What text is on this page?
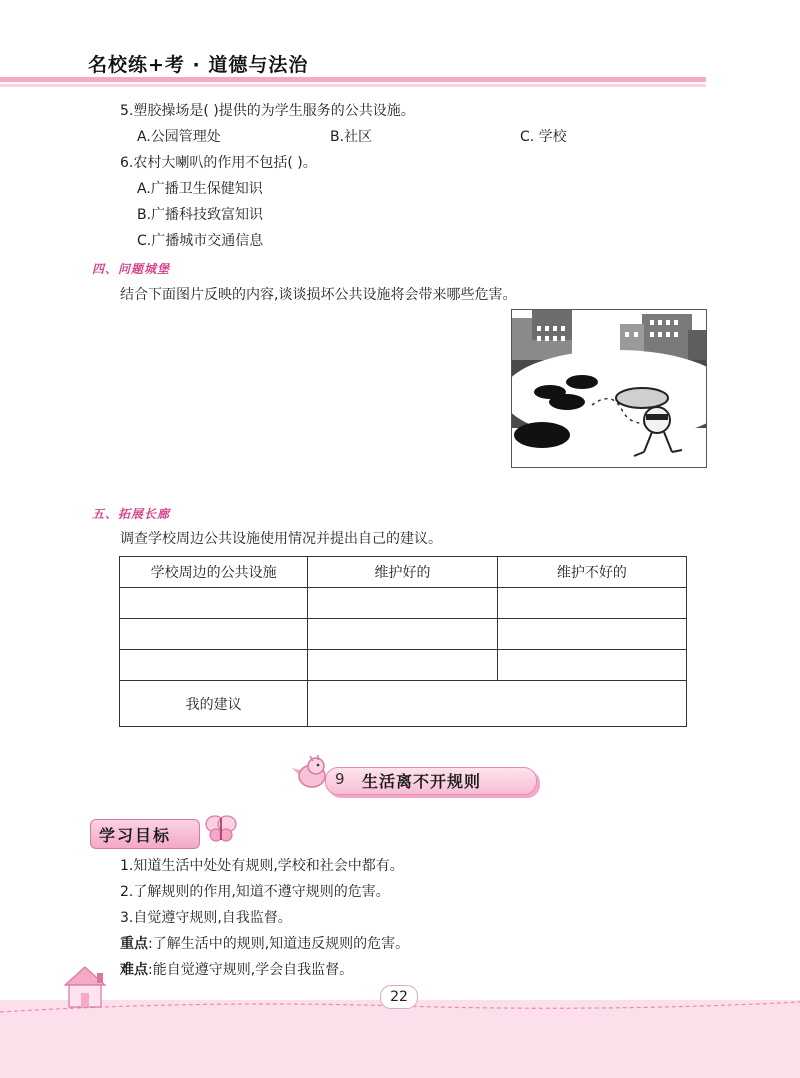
名校练+考 · 道德与法治
5.塑胶操场是( )提供的为学生服务的公共设施。
A.公园管理处	B.社区	C. 学校
6.农村大喇叭的作用不包括( )。
A.广播卫生保健知识
B.广播科技致富知识
C.广播城市交通信息
四、问题城堡
结合下面图片反映的内容,谈谈损坏公共设施将会带来哪些危害。
五、拓展长廊
调查学校周边公共设施使用情况并提出自己的建议。
学校周边的公共设施	维护好的	维护不好的

我的建议		
9 生活离不开规则
学习目标
1.知道生活中处处有规则,学校和社会中都有。
2.了解规则的作用,知道不遵守规则的危害。
3.自觉遵守规则,自我监督。
重点:了解生活中的规则,知道违反规则的危害。
难点:能自觉遵守规则,学会自我监督。
22
